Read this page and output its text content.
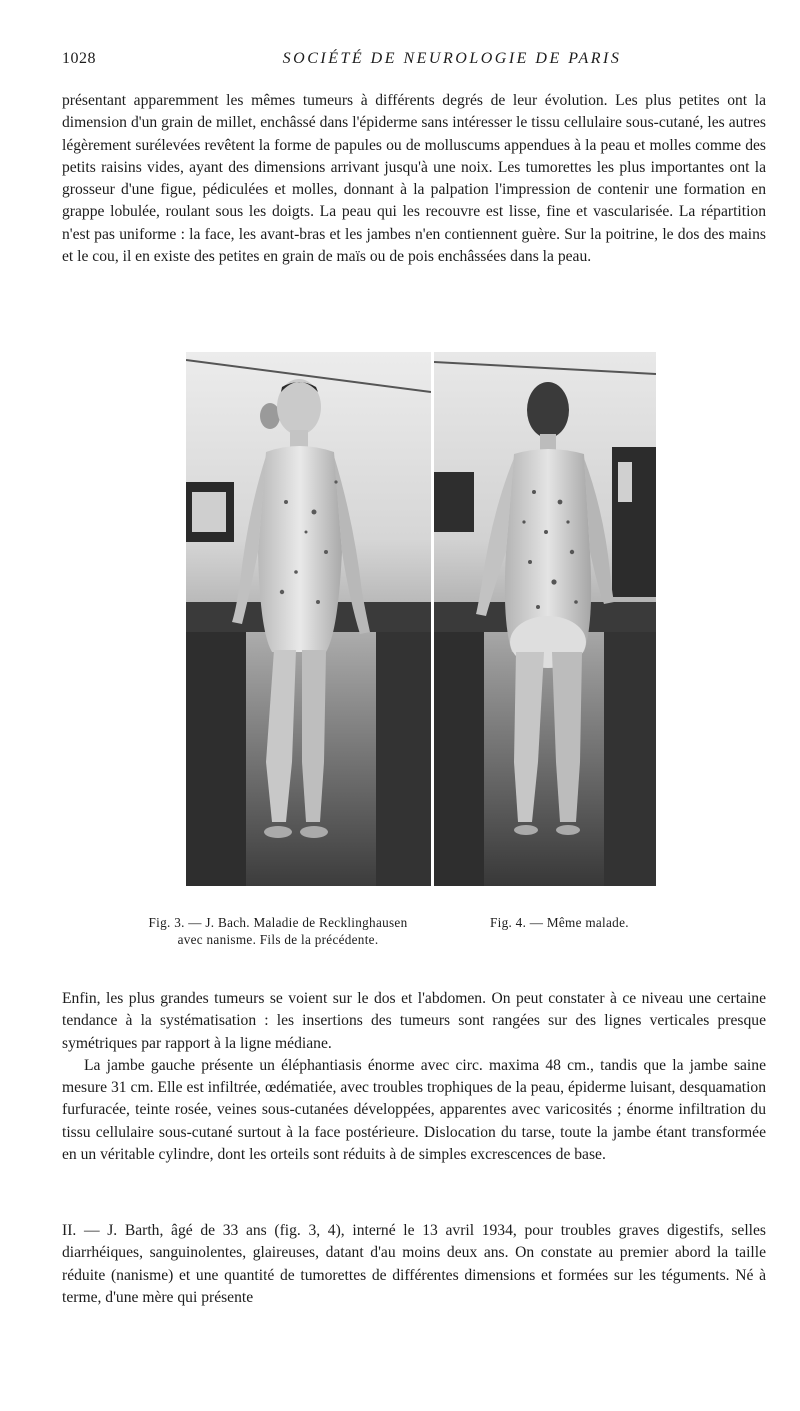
1028	SOCIÉTÉ DE NEUROLOGIE DE PARIS

présentant apparemment les mêmes tumeurs à différents degrés de leur évolution. Les plus petites ont la dimension d'un grain de millet, enchâssé dans l'épiderme sans intéresser le tissu cellulaire sous-cutané, les autres légèrement surélevées revêtent la forme de papules ou de molluscums appendues à la peau et molles comme des petits raisins vides, ayant des dimensions arrivant jusqu'à une noix. Les tumorettes les plus importantes ont la grosseur d'une figue, pédiculées et molles, donnant à la palpation l'impression de contenir une formation en grappe lobulée, roulant sous les doigts. La peau qui les recouvre est lisse, fine et vascularisée. La répartition n'est pas uniforme : la face, les avant-bras et les jambes n'en contiennent guère. Sur la poitrine, le dos des mains et le cou, il en existe des petites en grain de maïs ou de pois enchâssées dans la peau.

Fig. 3. — J. Bach. Maladie de Recklinghausen
avec nanisme. Fils de la précédente.
Fig. 4. — Même malade.
Enfin, les plus grandes tumeurs se voient sur le dos et l'abdomen. On peut constater à ce niveau une certaine tendance à la systématisation : les insertions des tumeurs sont rangées sur des lignes verticales presque symétriques par rapport à la ligne médiane.
La jambe gauche présente un éléphantiasis énorme avec circ. maxima 48 cm., tandis que la jambe saine mesure 31 cm. Elle est infiltrée, œdématiée, avec troubles trophiques de la peau, épiderme luisant, desquamation furfuracée, teinte rosée, veines sous-cutanées développées, apparentes avec varicosités ; énorme infiltration du tissu cellulaire sous-cutané surtout à la face postérieure. Dislocation du tarse, toute la jambe étant transformée en un véritable cylindre, dont les orteils sont réduits à de simples excrescences de base.

II. — J. Barth, âgé de 33 ans (fig. 3, 4), interné le 13 avril 1934, pour troubles graves digestifs, selles diarrhéiques, sanguinolentes, glaireuses, datant d'au moins deux ans. On constate au premier abord la taille réduite (nanisme) et une quantité de tumorettes de différentes dimensions et formées sur les téguments. Né à terme, d'une mère qui présente
